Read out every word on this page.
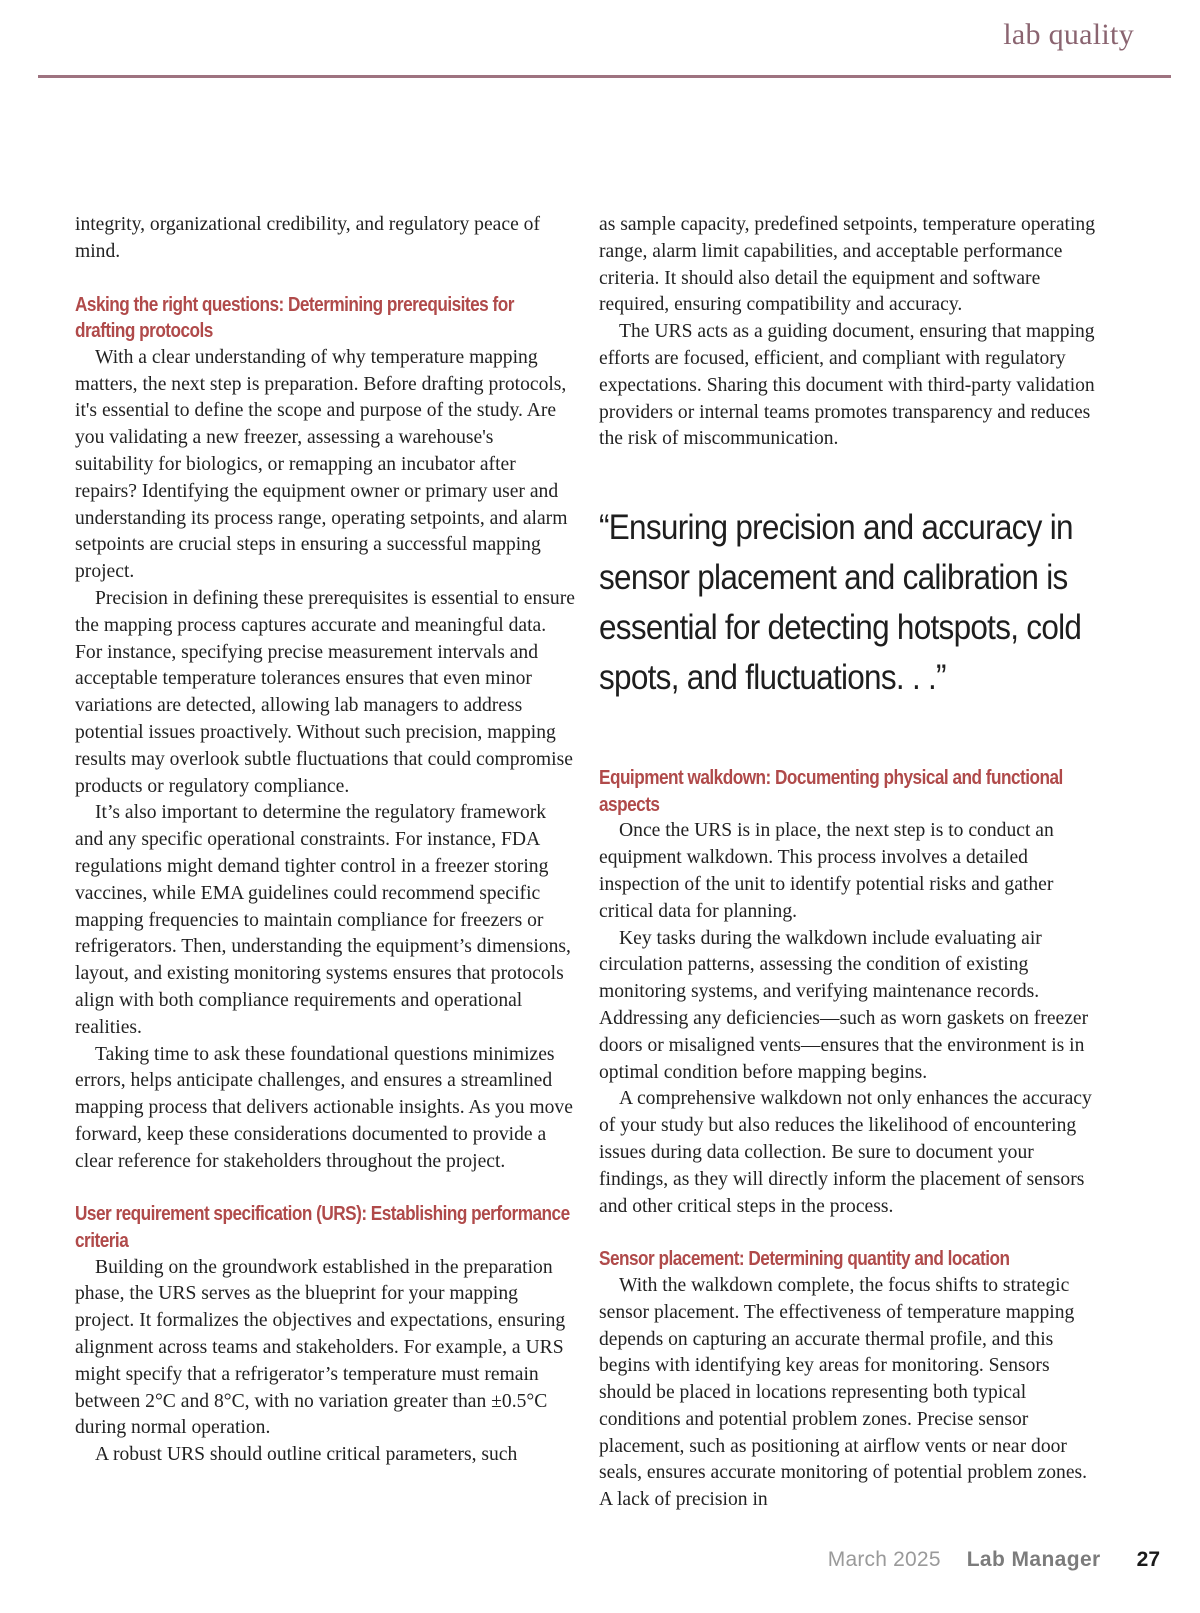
lab quality

integrity, organizational credibility, and regulatory peace of mind.

Asking the right questions: Determining prerequisites for drafting protocols

With a clear understanding of why temperature mapping matters, the next step is preparation. Before drafting protocols, it's essential to define the scope and purpose of the study. Are you validating a new freezer, assessing a warehouse's suitability for biologics, or remapping an incubator after repairs? Identifying the equipment owner or primary user and understanding its process range, operating setpoints, and alarm setpoints are crucial steps in ensuring a successful mapping project.

Precision in defining these prerequisites is essential to ensure the mapping process captures accurate and meaningful data. For instance, specifying precise measurement intervals and acceptable temperature tolerances ensures that even minor variations are detected, allowing lab managers to address potential issues proactively. Without such precision, mapping results may overlook subtle fluctuations that could compromise products or regulatory compliance.

It’s also important to determine the regulatory framework and any specific operational constraints. For instance, FDA regulations might demand tighter control in a freezer storing vaccines, while EMA guidelines could recommend specific mapping frequencies to maintain compliance for freezers or refrigerators. Then, understanding the equipment’s dimensions, layout, and existing monitoring systems ensures that protocols align with both compliance requirements and operational realities.

Taking time to ask these foundational questions minimizes errors, helps anticipate challenges, and ensures a streamlined mapping process that delivers actionable insights. As you move forward, keep these considerations documented to provide a clear reference for stakeholders throughout the project.

User requirement specification (URS): Establishing performance criteria

Building on the groundwork established in the preparation phase, the URS serves as the blueprint for your mapping project. It formalizes the objectives and expectations, ensuring alignment across teams and stakeholders. For example, a URS might specify that a refrigerator’s temperature must remain between 2°C and 8°C, with no variation greater than ±0.5°C during normal operation.

A robust URS should outline critical parameters, such

as sample capacity, predefined setpoints, temperature operating range, alarm limit capabilities, and acceptable performance criteria. It should also detail the equipment and software required, ensuring compatibility and accuracy.

The URS acts as a guiding document, ensuring that mapping efforts are focused, efficient, and compliant with regulatory expectations. Sharing this document with third-party validation providers or internal teams promotes transparency and reduces the risk of miscommunication.

“Ensuring precision and accuracy in sensor placement and calibration is essential for detecting hotspots, cold spots, and fluctuations. . .”
Equipment walkdown: Documenting physical and functional aspects

Once the URS is in place, the next step is to conduct an equipment walkdown. This process involves a detailed inspection of the unit to identify potential risks and gather critical data for planning.

Key tasks during the walkdown include evaluating air circulation patterns, assessing the condition of existing monitoring systems, and verifying maintenance records. Addressing any deficiencies—such as worn gaskets on freezer doors or misaligned vents—ensures that the environment is in optimal condition before mapping begins.

A comprehensive walkdown not only enhances the accuracy of your study but also reduces the likelihood of encountering issues during data collection. Be sure to document your findings, as they will directly inform the placement of sensors and other critical steps in the process.

Sensor placement: Determining quantity and location

With the walkdown complete, the focus shifts to strategic sensor placement. The effectiveness of temperature mapping depends on capturing an accurate thermal profile, and this begins with identifying key areas for monitoring. Sensors should be placed in locations representing both typical conditions and potential problem zones. Precise sensor placement, such as positioning at airflow vents or near door seals, ensures accurate monitoring of potential problem zones. A lack of precision in

March 2025 Lab Manager 27
